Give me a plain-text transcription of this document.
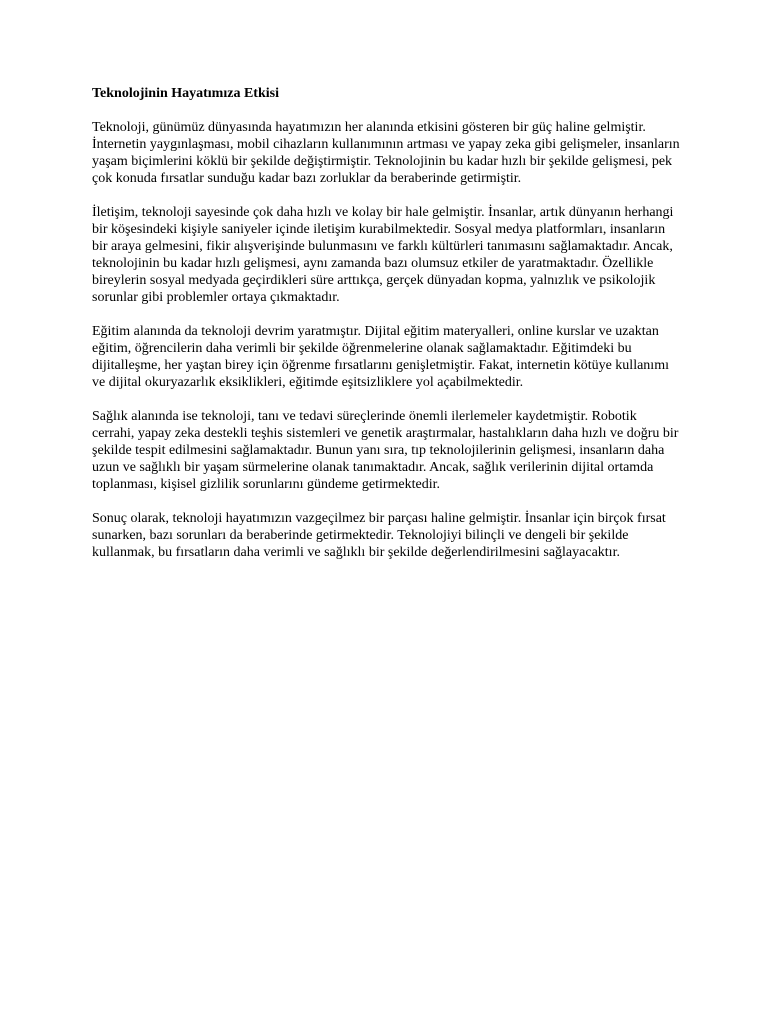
Teknolojinin Hayatımıza Etkisi

Teknoloji, günümüz dünyasında hayatımızın her alanında etkisini gösteren bir güç haline gelmiştir. İnternetin yaygınlaşması, mobil cihazların kullanımının artması ve yapay zeka gibi gelişmeler, insanların yaşam biçimlerini köklü bir şekilde değiştirmiştir. Teknolojinin bu kadar hızlı bir şekilde gelişmesi, pek çok konuda fırsatlar sunduğu kadar bazı zorluklar da beraberinde getirmiştir.

İletişim, teknoloji sayesinde çok daha hızlı ve kolay bir hale gelmiştir. İnsanlar, artık dünyanın herhangi bir köşesindeki kişiyle saniyeler içinde iletişim kurabilmektedir. Sosyal medya platformları, insanların bir araya gelmesini, fikir alışverişinde bulunmasını ve farklı kültürleri tanımasını sağlamaktadır. Ancak, teknolojinin bu kadar hızlı gelişmesi, aynı zamanda bazı olumsuz etkiler de yaratmaktadır. Özellikle bireylerin sosyal medyada geçirdikleri süre arttıkça, gerçek dünyadan kopma, yalnızlık ve psikolojik sorunlar gibi problemler ortaya çıkmaktadır.

Eğitim alanında da teknoloji devrim yaratmıştır. Dijital eğitim materyalleri, online kurslar ve uzaktan eğitim, öğrencilerin daha verimli bir şekilde öğrenmelerine olanak sağlamaktadır. Eğitimdeki bu dijitalleşme, her yaştan birey için öğrenme fırsatlarını genişletmiştir. Fakat, internetin kötüye kullanımı ve dijital okuryazarlık eksiklikleri, eğitimde eşitsizliklere yol açabilmektedir.

Sağlık alanında ise teknoloji, tanı ve tedavi süreçlerinde önemli ilerlemeler kaydetmiştir. Robotik cerrahi, yapay zeka destekli teşhis sistemleri ve genetik araştırmalar, hastalıkların daha hızlı ve doğru bir şekilde tespit edilmesini sağlamaktadır. Bunun yanı sıra, tıp teknolojilerinin gelişmesi, insanların daha uzun ve sağlıklı bir yaşam sürmelerine olanak tanımaktadır. Ancak, sağlık verilerinin dijital ortamda toplanması, kişisel gizlilik sorunlarını gündeme getirmektedir.

Sonuç olarak, teknoloji hayatımızın vazgeçilmez bir parçası haline gelmiştir. İnsanlar için birçok fırsat sunarken, bazı sorunları da beraberinde getirmektedir. Teknolojiyi bilinçli ve dengeli bir şekilde kullanmak, bu fırsatların daha verimli ve sağlıklı bir şekilde değerlendirilmesini sağlayacaktır.
